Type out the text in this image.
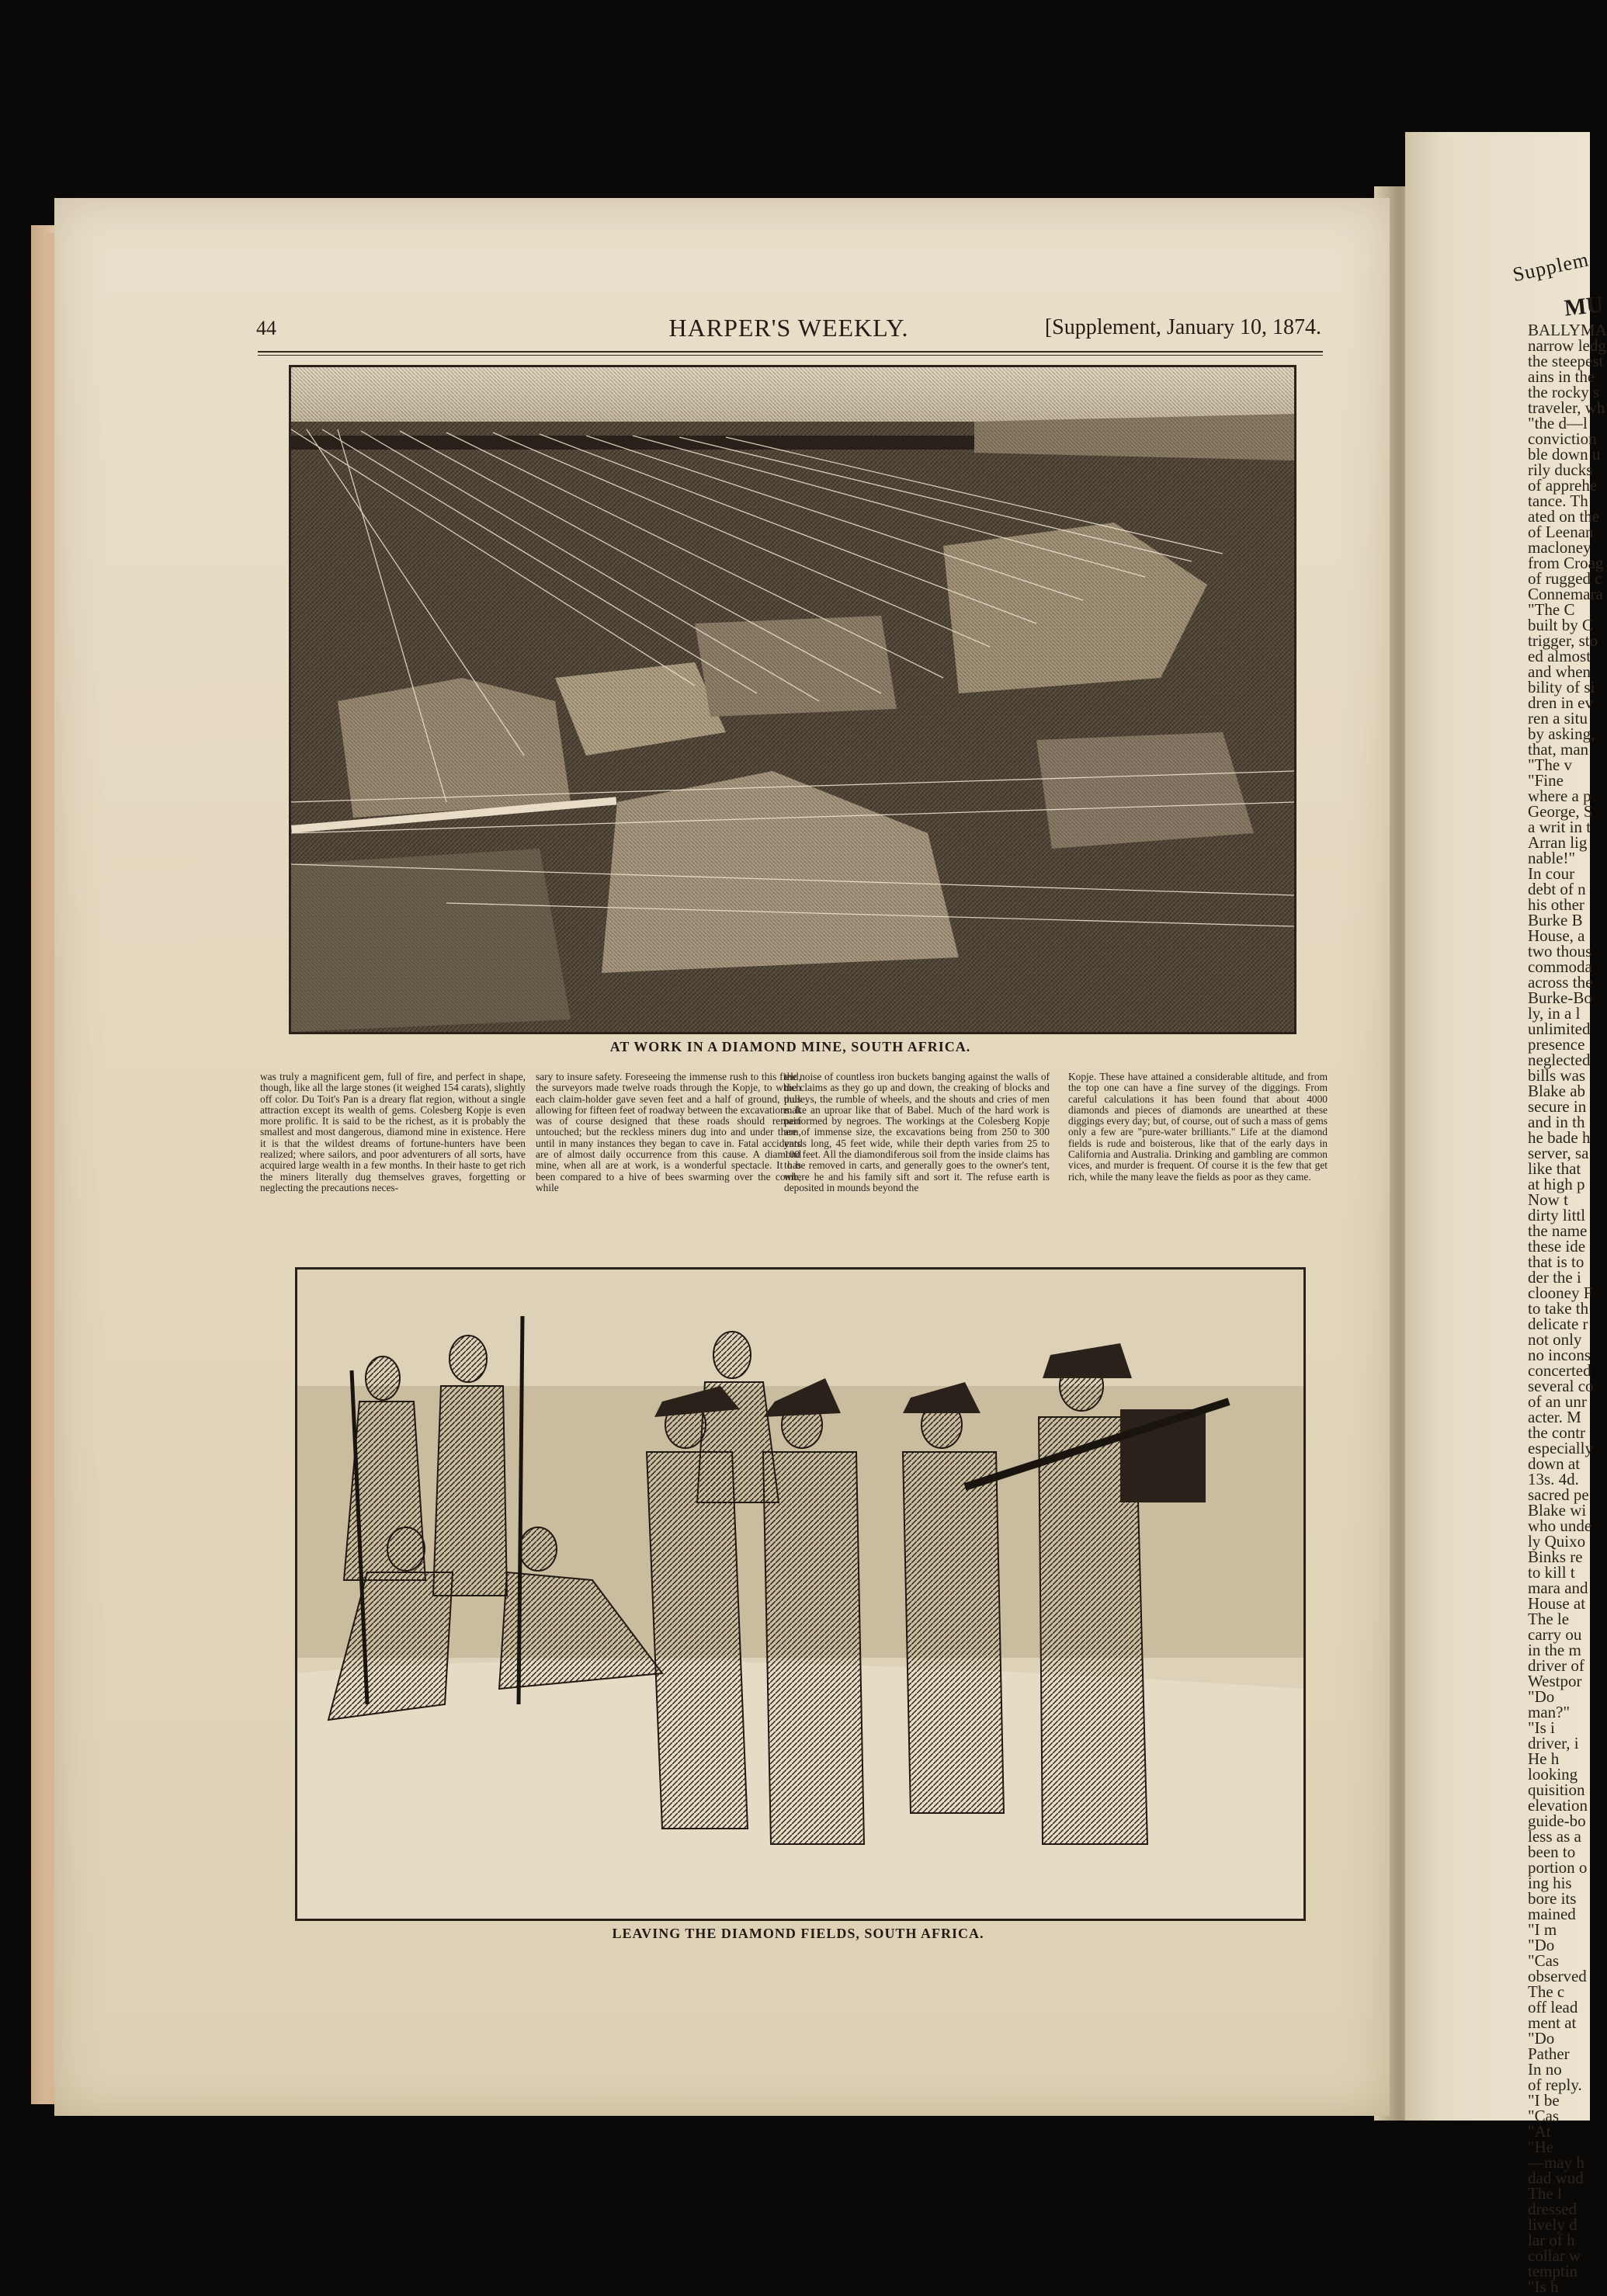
Supplem
MU
BALLYMA
narrow ledg
the steepest
ains in the
the rocky s
traveler, wh
"the d—l
conviction
ble down u
rily ducks
of apprehe
tance. Th
ated on the
of Leenan
macloney
from Croag
of rugged c
Connemara
"The C
built by C
trigger, sto
ed almost
and when
bility of si
dren in ev
ren a situ
by asking,
that, man
"The v
"Fine
where a p
George, S
a writ in t
Arran lig
nable!"
In cour
debt of n
his other
Burke B
House, a
two thous
commoda
across the
Burke-Bo
ly, in a l
unlimited
presence
neglected
bills was
Blake ab
secure in
and in th
he bade h
server, sa
like that
at high p
Now t
dirty littl
the name
these ide
that is to
der the i
clooney F
to take th
delicate r
not only
no incons
concerted
several co
of an unr
acter. M
the contr
especially
down at
13s. 4d.
sacred pe
Blake wi
who unde
ly Quixo
Binks re
to kill t
mara and
House at
The le
carry ou
in the m
driver of
Westpor
"Do
man?"
"Is i
driver, i
He h
looking
quisition
elevation
guide-bo
less as a
been to
portion o
ing his
bore its
mained
"I m
"Do
"Cas
observed
The c
off lead
ment at
"Do
Pather
In no
of reply.
"I be
"Cas
"At
"He
—may h
dad wud
The l
dressed
lively d
lar of h
collar w
temptin
"Is h
44	HARPER'S WEEKLY.	[Supplement, January 10, 1874.
AT WORK IN A DIAMOND MINE, SOUTH AFRICA.

was truly a magnificent gem, full of fire, and perfect in shape, though, like all the large stones (it weighed 154 carats), slightly off color. Du Toit's Pan is a dreary flat region, without a single attraction except its wealth of gems. Colesberg Kopje is even more prolific. It is said to be the richest, as it is probably the smallest and most dangerous, diamond mine in existence. Here it is that the wildest dreams of fortune-hunters have been realized; where sailors, and poor adventurers of all sorts, have acquired large wealth in a few months. In their haste to get rich the miners literally dug themselves graves, forgetting or neglecting the precautions neces-

sary to insure safety. Foreseeing the immense rush to this field, the surveyors made twelve roads through the Kopje, to which each claim-holder gave seven feet and a half of ground, thus allowing for fifteen feet of roadway between the excavations. It was of course designed that these roads should remain untouched; but the reckless miners dug into and under them, until in many instances they began to cave in. Fatal accidents are of almost daily occurrence from this cause. A diamond mine, when all are at work, is a wonderful spectacle. It has been compared to a hive of bees swarming over the comb, while

the noise of countless iron buckets banging against the walls of the claims as they go up and down, the creaking of blocks and pulleys, the rumble of wheels, and the shouts and cries of men make an uproar like that of Babel. Much of the hard work is performed by negroes. The workings at the Colesberg Kopje are of immense size, the excavations being from 250 to 300 yards long, 45 feet wide, while their depth varies from 25 to 100 feet. All the diamondiferous soil from the inside claims has to be removed in carts, and generally goes to the owner's tent, where he and his family sift and sort it. The refuse earth is deposited in mounds beyond the

Kopje. These have attained a considerable altitude, and from the top one can have a fine survey of the diggings. From careful calculations it has been found that about 4000 diamonds and pieces of diamonds are unearthed at these diggings every day; but, of course, out of such a mass of gems only a few are "pure-water brilliants." Life at the diamond fields is rude and boisterous, like that of the early days in California and Australia. Drinking and gambling are common vices, and murder is frequent. Of course it is the few that get rich, while the many leave the fields as poor as they came.

LEAVING THE DIAMOND FIELDS, SOUTH AFRICA.
